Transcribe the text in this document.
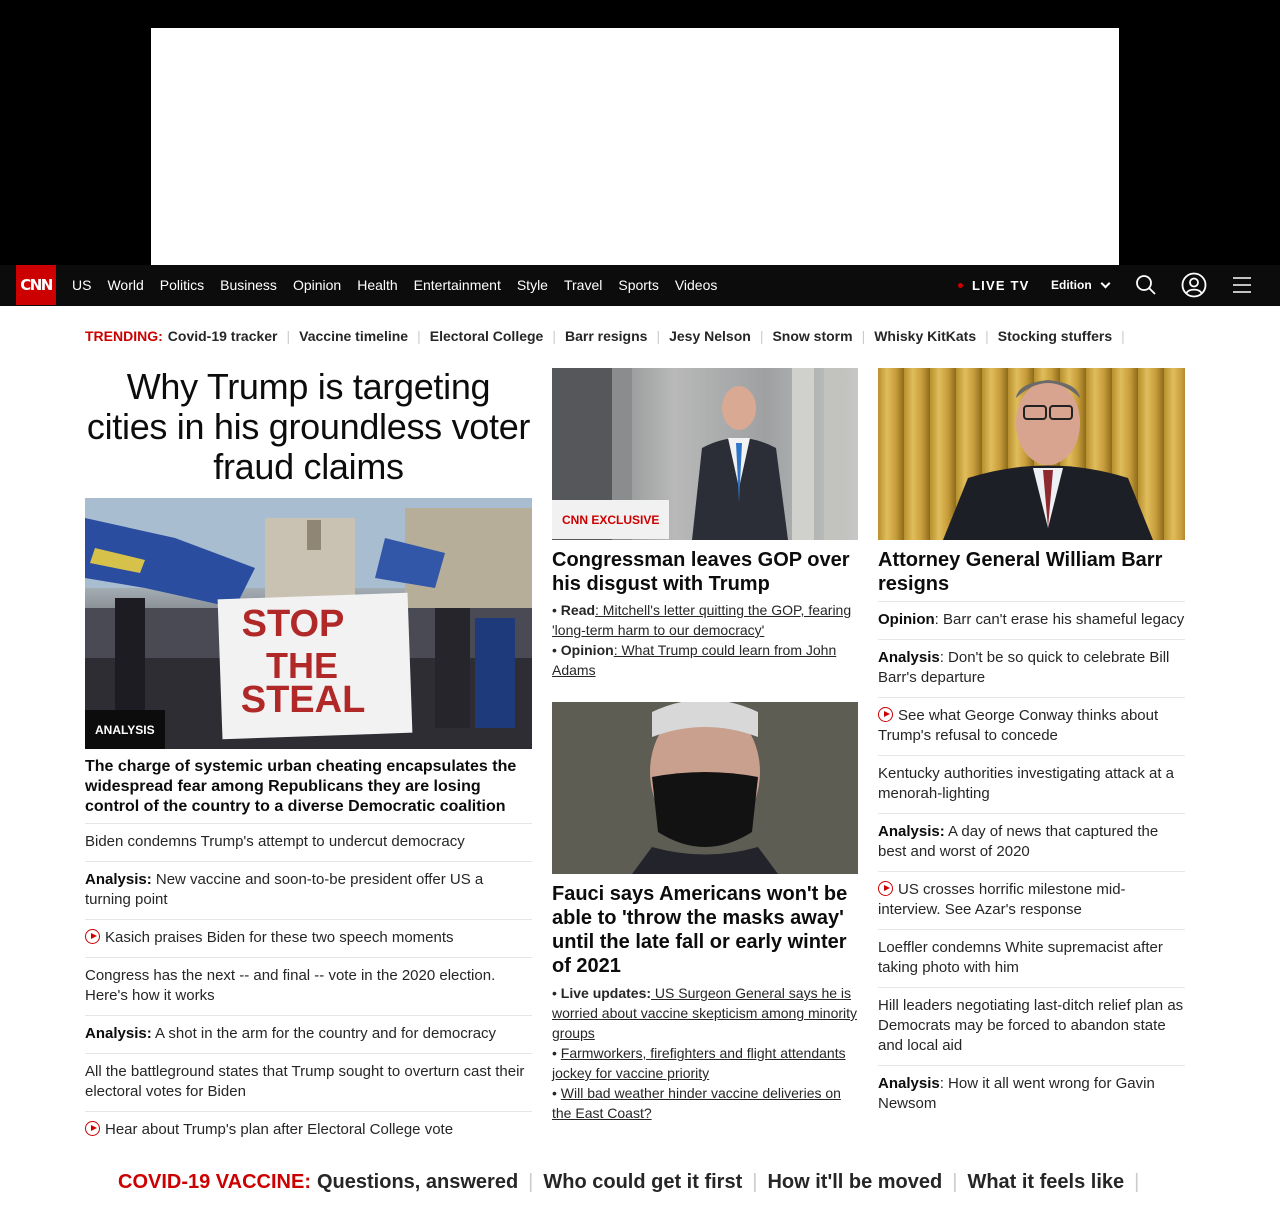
CNN US World Politics Business Opinion Health Entertainment Style Travel Sports Videos	LIVE TV Edition
TRENDING: Covid-19 tracker | Vaccine timeline | Electoral College | Barr resigns | Jesy Nelson | Snow storm | Whisky KitKats | Stocking stuffers |
Why Trump is targeting cities in his groundless voter fraud claims
STOP
THE
STEAL
ANALYSIS
The charge of systemic urban cheating encapsulates the widespread fear among Republicans they are losing control of the country to a diverse Democratic coalition
Biden condemns Trump's attempt to undercut democracy
Analysis: New vaccine and soon-to-be president offer US a turning point
Kasich praises Biden for these two speech moments
Congress has the next -- and final -- vote in the 2020 election. Here's how it works
Analysis: A shot in the arm for the country and for democracy
All the battleground states that Trump sought to overturn cast their electoral votes for Biden
Hear about Trump's plan after Electoral College vote
CNN EXCLUSIVE
Congressman leaves GOP over his disgust with Trump
• Read: Mitchell's letter quitting the GOP, fearing 'long-term harm to our democracy'
• Opinion: What Trump could learn from John Adams
Fauci says Americans won't be able to 'throw the masks away' until the late fall or early winter of 2021
• Live updates: US Surgeon General says he is worried about vaccine skepticism among minority groups
• Farmworkers, firefighters and flight attendants jockey for vaccine priority
• Will bad weather hinder vaccine deliveries on the East Coast?
Attorney General William Barr resigns
Opinion: Barr can't erase his shameful legacy
Analysis: Don't be so quick to celebrate Bill Barr's departure
See what George Conway thinks about Trump's refusal to concede
Kentucky authorities investigating attack at a menorah-lighting
Analysis: A day of news that captured the best and worst of 2020
US crosses horrific milestone mid-interview. See Azar's response
Loeffler condemns White supremacist after taking photo with him
Hill leaders negotiating last-ditch relief plan as Democrats may be forced to abandon state and local aid
Analysis: How it all went wrong for Gavin Newsom
COVID-19 VACCINE: Questions, answered | Who could get it first | How it'll be moved | What it feels like |
